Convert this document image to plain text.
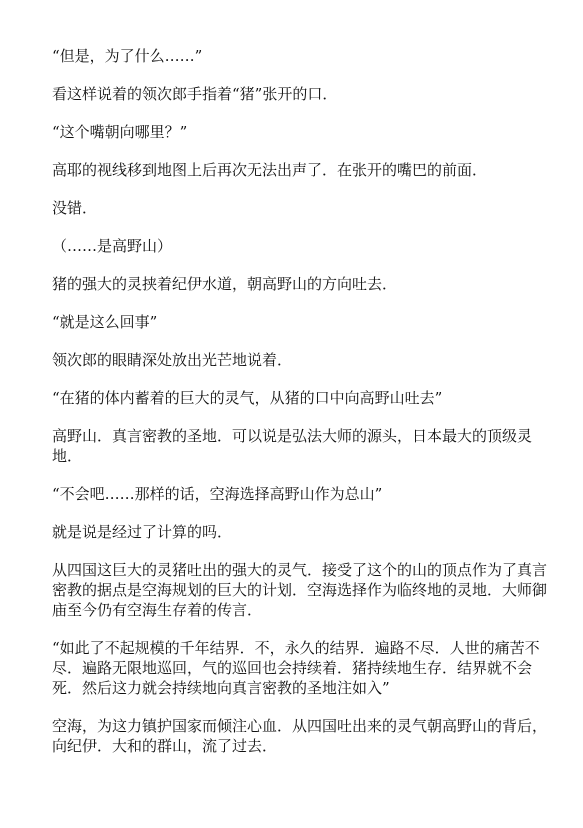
“但是，为了什么……”

看这样说着的领次郎手指着“猪”张开的口．

“这个嘴朝向哪里？”

高耶的视线移到地图上后再次无法出声了．在张开的嘴巴的前面．

没错．

（……是高野山）

猪的强大的灵挟着纪伊水道，朝高野山的方向吐去．

“就是这么回事”

领次郎的眼睛深处放出光芒地说着．

“在猪的体内蓄着的巨大的灵气，从猪的口中向高野山吐去”

高野山．真言密教的圣地．可以说是弘法大师的源头，日本最大的顶级灵地．

“不会吧……那样的话，空海选择高野山作为总山”

就是说是经过了计算的吗．

从四国这巨大的灵猪吐出的强大的灵气．接受了这个的山的顶点作为了真言密教的据点是空海规划的巨大的计划．空海选择作为临终地的灵地．大师御庙至今仍有空海生存着的传言．

“如此了不起规模的千年结界．不，永久的结界．遍路不尽．人世的痛苦不尽．遍路无限地巡回，气的巡回也会持续着．猪持续地生存．结界就不会死．然后这力就会持续地向真言密教的圣地注如入”

空海，为这力镇护国家而倾注心血．从四国吐出来的灵气朝高野山的背后，向纪伊．大和的群山，流了过去．
